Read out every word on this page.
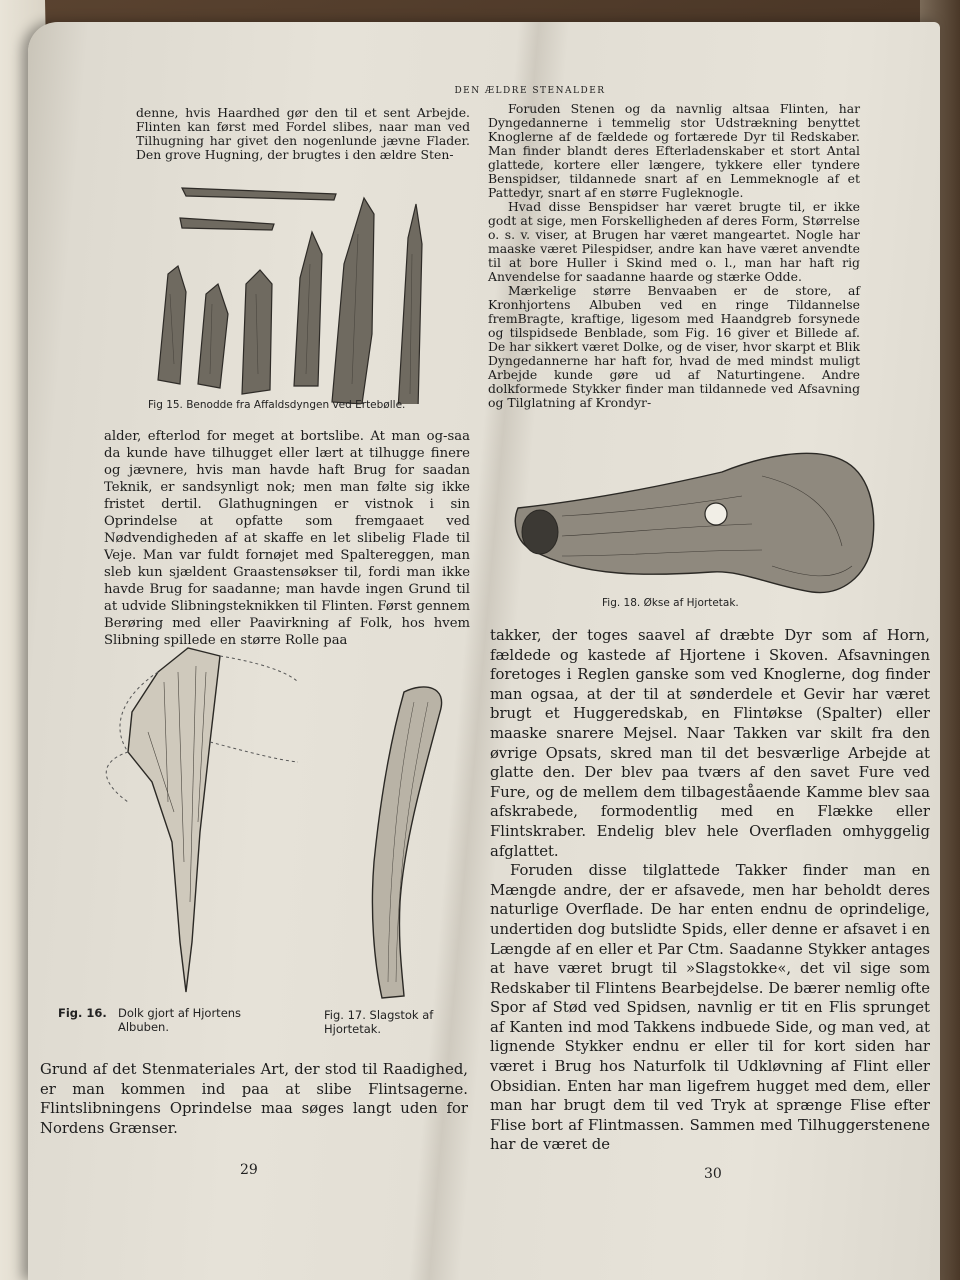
DEN ÆLDRE STENALDER

denne, hvis Haardhed gør den til et sent Arbejde. Flinten kan først med Fordel slibes, naar man ved Tilhugning har givet den nogenlunde jævne Flader. Den grove Hugning, der brugtes i den ældre Sten-

Fig 15. Benodde fra Affaldsdyngen ved Ertebølle.

alder, efterlod for meget at bortslibe. At man og-saa da kunde have tilhugget eller lært at tilhugge finere og jævnere, hvis man havde haft Brug for saadan Teknik, er sandsynligt nok; men man følte sig ikke fristet dertil. Glathugningen er vistnok i sin Oprindelse at opfatte som fremgaaet ved Nødvendigheden af at skaffe en let slibelig Flade til Veje. Man var fuldt fornøjet med Spaltereggen, man sleb kun sjældent Graastensøkser til, fordi man ikke havde Brug for saadanne; man havde ingen Grund til at udvide Slibningsteknikken til Flinten. Først gennem Berøring med eller Paavirkning af Folk, hos hvem Slibning spillede en større Rolle paa

Fig. 16. Dolk gjort af Hjortens Albuben.
Fig. 17. Slagstok af Hjortetak.

Grund af det Stenmateriales Art, der stod til Raadighed, er man kommen ind paa at slibe Flintsagerne. Flintslibningens Oprindelse maa søges langt uden for Nordens Grænser.

29

Foruden Stenen og da navnlig altsaa Flinten, har Dyngedannerne i temmelig stor Udstrækning benyttet Knoglerne af de fældede og fortærede Dyr til Redskaber. Man finder blandt deres Efterladenskaber et stort Antal glattede, kortere eller længere, tykkere eller tyndere Benspidser, tildannede snart af en Lemmeknogle af et Pattedyr, snart af en større Fugleknogle.

Hvad disse Benspidser har været brugte til, er ikke godt at sige, men Forskelligheden af deres Form, Størrelse o. s. v. viser, at Brugen har været mangeartet. Nogle har maaske været Pilespidser, andre kan have været anvendte til at bore Huller i Skind med o. l., man har haft rig Anvendelse for saadanne haarde og stærke Odde.

Mærkelige større Benvaaben er de store, af Kronhjortens Albuben ved en ringe Tildannelse fremBragte, kraftige, ligesom med Haandgreb forsynede og tilspidsede Benblade, som Fig. 16 giver et Billede af. De har sikkert været Dolke, og de viser, hvor skarpt et Blik Dyngedannerne har haft for, hvad de med mindst muligt Arbejde kunde gøre ud af Naturtingene. Andre dolkformede Stykker finder man tildannede ved Afsavning og Tilglatning af Krondyr-

Fig. 18. Økse af Hjortetak.

takker, der toges saavel af dræbte Dyr som af Horn, fældede og kastede af Hjortene i Skoven. Afsavningen foretoges i Reglen ganske som ved Knoglerne, dog finder man ogsaa, at der til at sønderdele et Gevir har været brugt et Huggeredskab, en Flintøkse (Spalter) eller maaske snarere Mejsel. Naar Takken var skilt fra den øvrige Opsats, skred man til det besværlige Arbejde at glatte den. Der blev paa tværs af den savet Fure ved Fure, og de mellem dem tilbageståaende Kamme blev saa afskrabede, formodentlig med en Flække eller Flintskraber. Endelig blev hele Overfladen omhyggelig afglattet.

Foruden disse tilglattede Takker finder man en Mængde andre, der er afsavede, men har beholdt deres naturlige Overflade. De har enten endnu de oprindelige, undertiden dog butslidte Spids, eller denne er afsavet i en Længde af en eller et Par Ctm. Saadanne Stykker antages at have været brugt til »Slagstokke«, det vil sige som Redskaber til Flintens Bearbejdelse. De bærer nemlig ofte Spor af Stød ved Spidsen, navnlig er tit en Flis sprunget af Kanten ind mod Takkens indbuede Side, og man ved, at lignende Stykker endnu er eller til for kort siden har været i Brug hos Naturfolk til Udkløvning af Flint eller Obsidian. Enten har man ligefrem hugget med dem, eller man har brugt dem til ved Tryk at sprænge Flise efter Flise bort af Flintmassen. Sammen med Tilhuggerstenene har de været de

30
